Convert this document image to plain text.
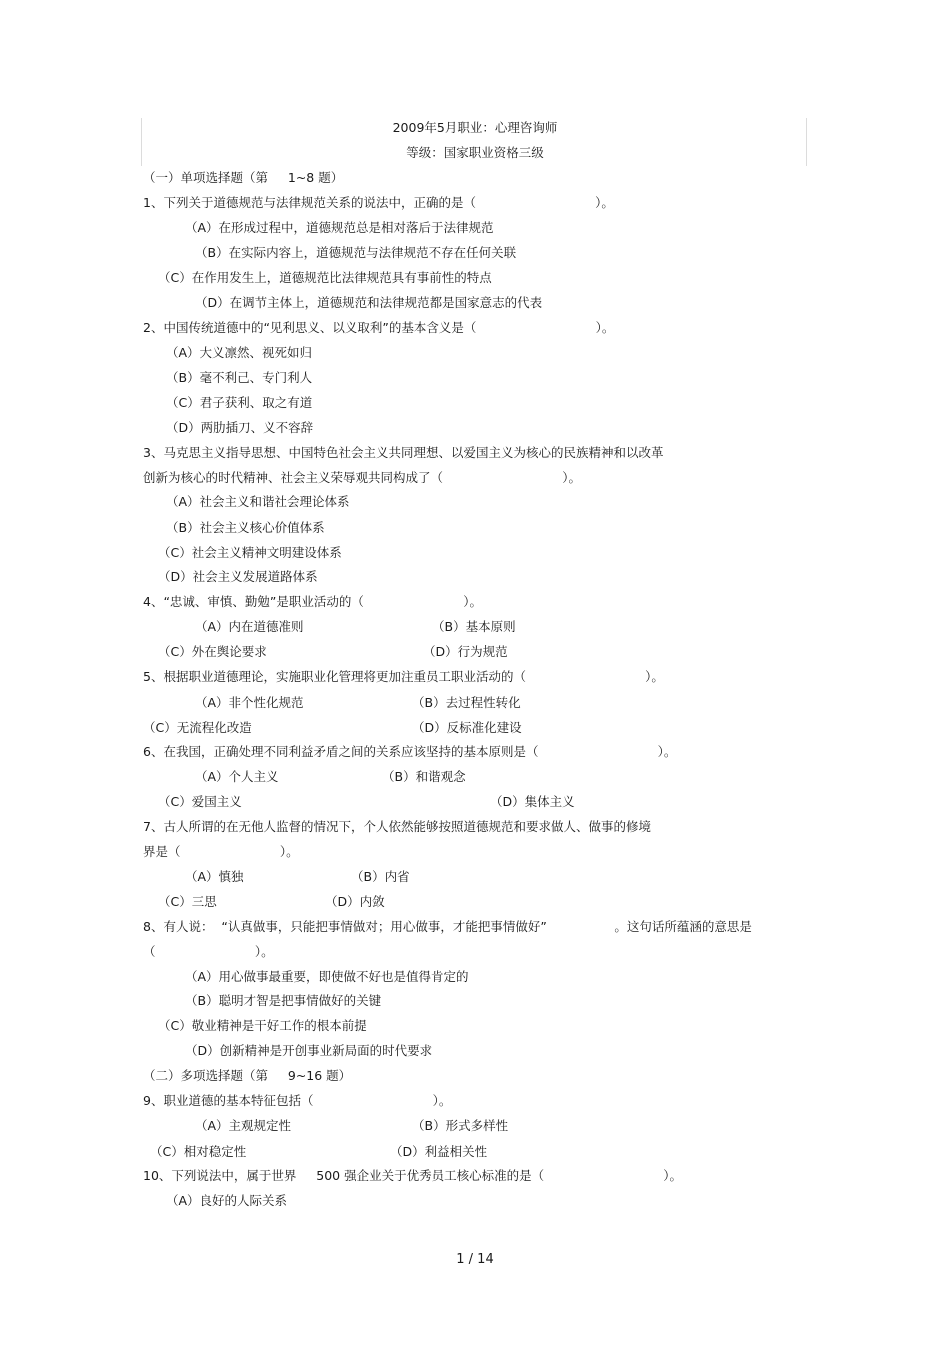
2009年5月职业：心理咨询师
等级：国家职业资格三级
（一）单项选择题（第     1~8 题）
1、下列关于道德规范与法律规范关系的说法中，正确的是（                              ）。
（A）在形成过程中，道德规范总是相对落后于法律规范
（B）在实际内容上，道德规范与法律规范不存在任何关联
（C）在作用发生上，道德规范比法律规范具有事前性的特点
（D）在调节主体上，道德规范和法律规范都是国家意志的代表
2、中国传统道德中的“见利思义、以义取利”的基本含义是（                              ）。
（A）大义凛然、视死如归
（B）毫不利己、专门利人
（C）君子获利、取之有道
（D）两肋插刀、义不容辞
3、马克思主义指导思想、中国特色社会主义共同理想、以爱国主义为核心的民族精神和以改革
创新为核心的时代精神、社会主义荣辱观共同构成了（                              ）。
（A）社会主义和谐社会理论体系
（B）社会主义核心价值体系
（C）社会主义精神文明建设体系
（D）社会主义发展道路体系
4、“忠诚、审慎、勤勉”是职业活动的（                         ）。
（A）内在道德准则	（B）基本原则
（C）外在舆论要求	（D）行为规范
5、根据职业道德理论，实施职业化管理将更加注重员工职业活动的（                              ）。
（A）非个性化规范	（B）去过程性转化
（C）无流程化改造	（D）反标准化建设
6、在我国，正确处理不同利益矛盾之间的关系应该坚持的基本原则是（                              ）。
（A）个人主义	（B）和谐观念
（C）爱国主义	（D）集体主义
7、古人所谓的在无他人监督的情况下，个人依然能够按照道德规范和要求做人、做事的修境
界是（                         ）。
（A）慎独	（B）内省
（C）三思	（D）内敛
8、有人说：  “认真做事，只能把事情做对；用心做事，才能把事情做好”                 。这句话所蕴涵的意思是
（                         ）。
（A）用心做事最重要，即使做不好也是值得肯定的
（B）聪明才智是把事情做好的关键
（C）敬业精神是干好工作的根本前提
（D）创新精神是开创事业新局面的时代要求
（二）多项选择题（第     9~16 题）
9、职业道德的基本特征包括（                              ）。
（A）主观规定性	（B）形式多样性
（C）相对稳定性	（D）利益相关性
10、下列说法中，属于世界     500 强企业关于优秀员工核心标准的是（                              ）。
（A）良好的人际关系
1 / 14
